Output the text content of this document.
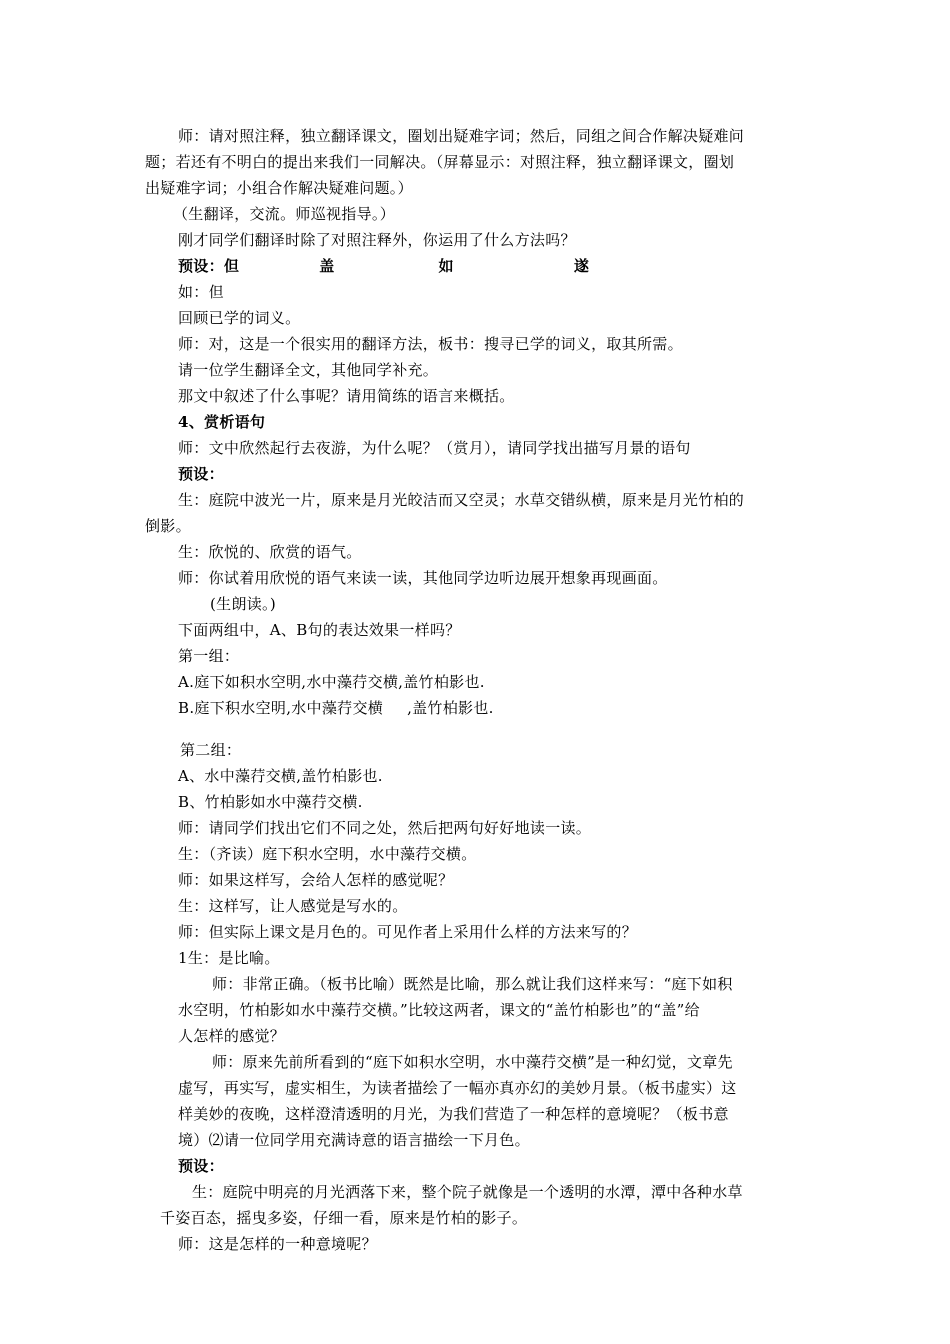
师：请对照注释，独立翻译课文，圈划出疑难字词；然后，同组之间合作解决疑难问
题；若还有不明白的提出来我们一同解决。（屏幕显示：对照注释，独立翻译课文，圈划
出疑难字词；小组合作解决疑难问题。）
（生翻译，交流。师巡视指导。）
刚才同学们翻译时除了对照注释外，你运用了什么方法吗？
预设：但	盖	如	遂
如：但
回顾已学的词义。
师：对，这是一个很实用的翻译方法，板书：搜寻已学的词义，取其所需。
请一位学生翻译全文，其他同学补充。
那文中叙述了什么事呢？请用简练的语言来概括。
4、赏析语句
师：文中欣然起行去夜游，为什么呢？（赏月），请同学找出描写月景的语句
预设：
生：庭院中波光一片，原来是月光皎洁而又空灵；水草交错纵横，原来是月光竹柏的
倒影。
生：欣悦的、欣赏的语气。
师：你试着用欣悦的语气来读一读，其他同学边听边展开想象再现画面。
(生朗读。)
下面两组中，A、B句的表达效果一样吗？
第一组：
A.庭下如积水空明,水中藻荇交横,盖竹柏影也.
B.庭下积水空明,水中藻荇交横 ,盖竹柏影也.
第二组：
A、水中藻荇交横,盖竹柏影也.
B、竹柏影如水中藻荇交横.
师：请同学们找出它们不同之处，然后把两句好好地读一读。
生：（齐读）庭下积水空明，水中藻荇交横。
师：如果这样写，会给人怎样的感觉呢？
生：这样写，让人感觉是写水的。
师：但实际上课文是月色的。可见作者上采用什么样的方法来写的？
1生：是比喻。
师：非常正确。（板书比喻）既然是比喻，那么就让我们这样来写：“庭下如积
水空明，竹柏影如水中藻荇交横。”比较这两者，课文的“盖竹柏影也”的“盖”给
人怎样的感觉？
师：原来先前所看到的“庭下如积水空明，水中藻荇交横”是一种幻觉，文章先
虚写，再实写，虚实相生，为读者描绘了一幅亦真亦幻的美妙月景。（板书虚实）这
样美妙的夜晚，这样澄清透明的月光，为我们营造了一种怎样的意境呢？（板书意
境）⑵请一位同学用充满诗意的语言描绘一下月色。
预设：
生：庭院中明亮的月光洒落下来，整个院子就像是一个透明的水潭，潭中各种水草
千姿百态，摇曳多姿，仔细一看，原来是竹柏的影子。
师：这是怎样的一种意境呢？
